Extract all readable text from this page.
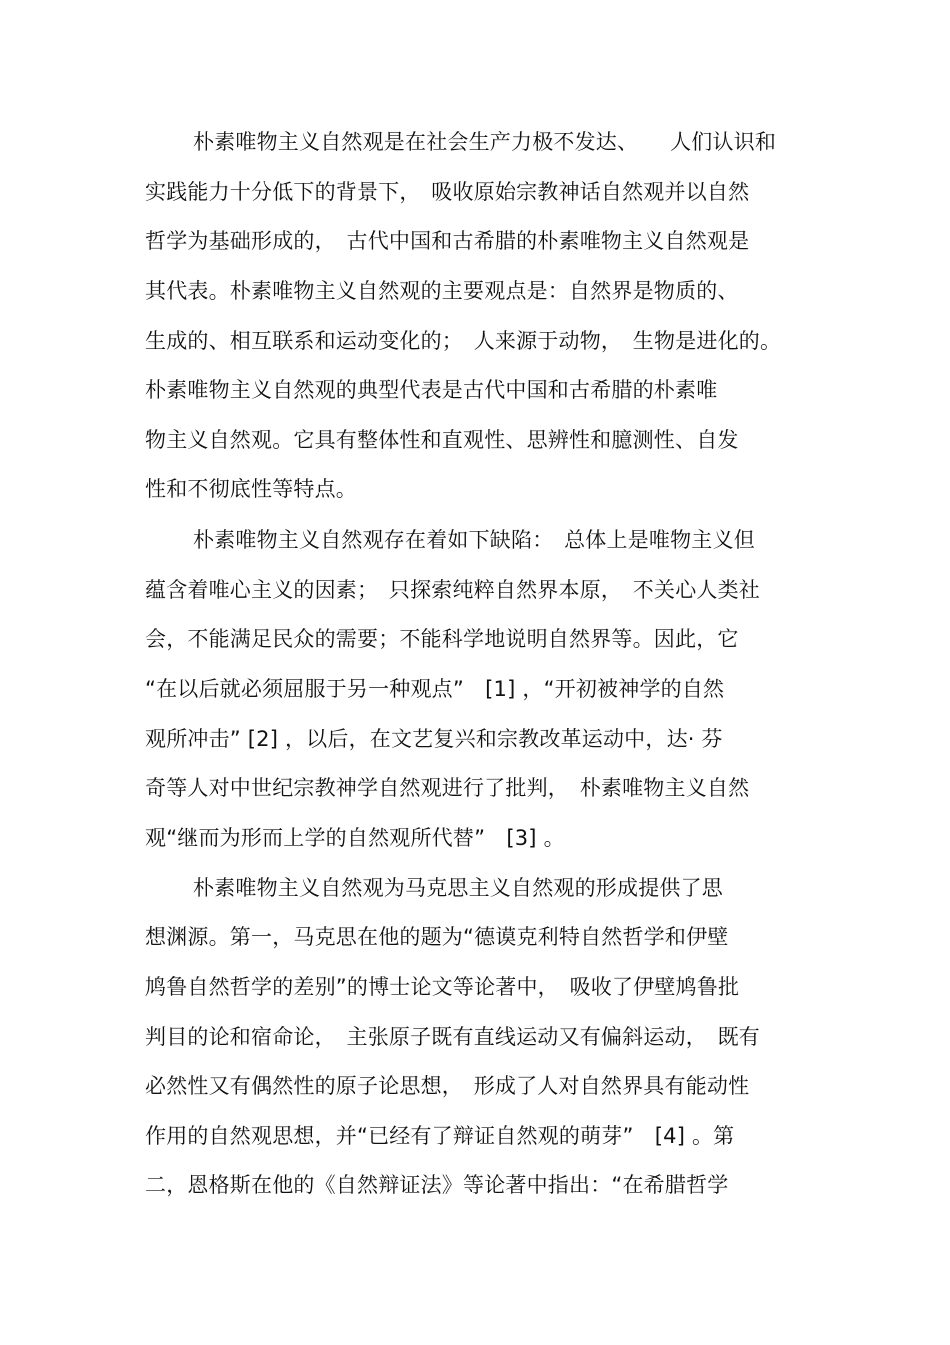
朴素唯物主义自然观是在社会生产力极不发达、　　人们认识和
实践能力十分低下的背景下，　吸收原始宗教神话自然观并以自然
哲学为基础形成的，　古代中国和古希腊的朴素唯物主义自然观是
其代表。朴素唯物主义自然观的主要观点是：自然界是物质的、
生成的、相互联系和运动变化的；　人来源于动物，　生物是进化的。
朴素唯物主义自然观的典型代表是古代中国和古希腊的朴素唯
物主义自然观。它具有整体性和直观性、思辨性和臆测性、自发
性和不彻底性等特点。
朴素唯物主义自然观存在着如下缺陷：　总体上是唯物主义但
蕴含着唯心主义的因素；　只探索纯粹自然界本原，　不关心人类社
会，不能满足民众的需要；不能科学地说明自然界等。因此，它
“在以后就必须屈服于另一种观点”　[1] ，“开初被神学的自然
观所冲击” [2] ，以后，在文艺复兴和宗教改革运动中，达· 芬
奇等人对中世纪宗教神学自然观进行了批判，　朴素唯物主义自然
观“继而为形而上学的自然观所代替”　[3] 。
朴素唯物主义自然观为马克思主义自然观的形成提供了思
想渊源。第一，马克思在他的题为“德谟克利特自然哲学和伊壁
鸠鲁自然哲学的差别”的博士论文等论著中，　吸收了伊壁鸠鲁批
判目的论和宿命论，　主张原子既有直线运动又有偏斜运动，　既有
必然性又有偶然性的原子论思想，　形成了人对自然界具有能动性
作用的自然观思想，并“已经有了辩证自然观的萌芽”　[4] 。第
二，恩格斯在他的《自然辩证法》等论著中指出：“在希腊哲学
